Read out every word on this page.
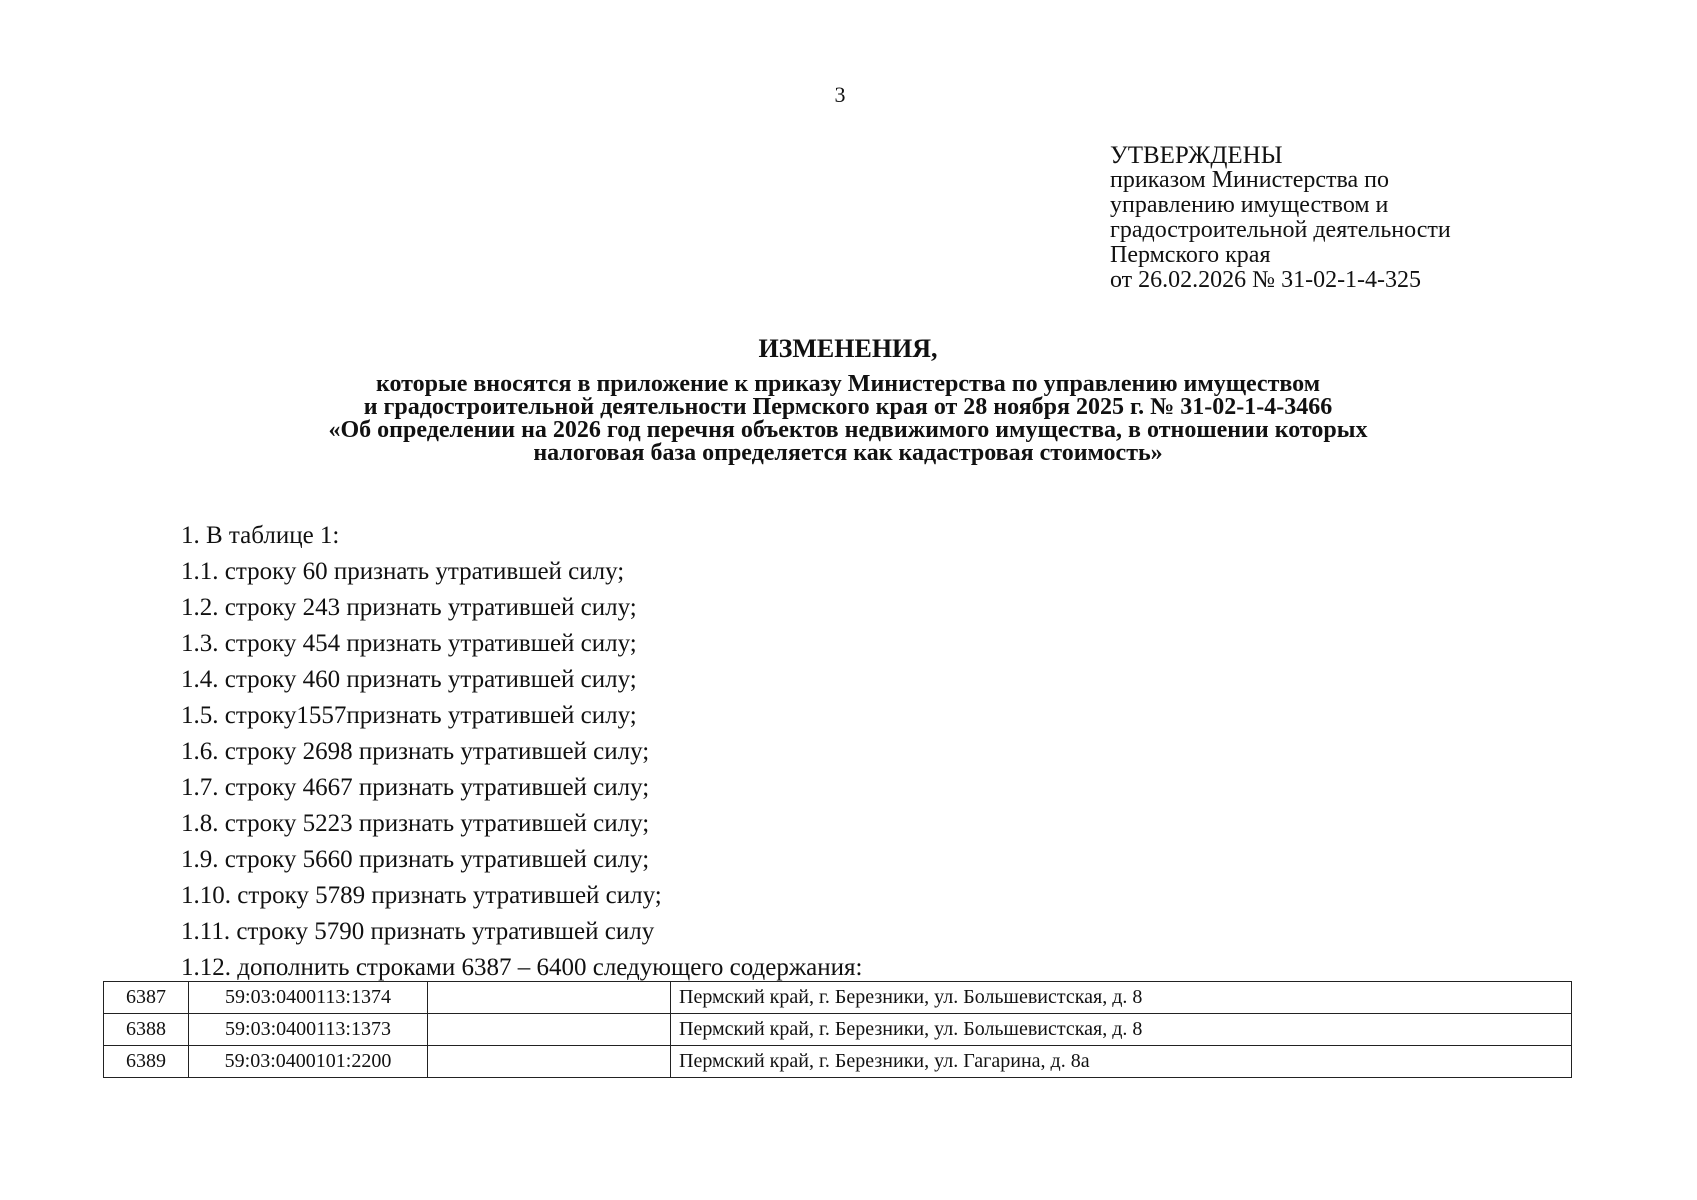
3
УТВЕРЖДЕНЫ
приказом Министерства по
управлению имуществом и
градостроительной деятельности
Пермского края
от 26.02.2026 № 31-02-1-4-325
ИЗМЕНЕНИЯ,
которые вносятся в приложение к приказу Министерства по управлению имуществом
и градостроительной деятельности Пермского края от 28 ноября 2025 г. № 31-02-1-4-3466
«Об определении на 2026 год перечня объектов недвижимого имущества, в отношении которых
налоговая база определяется как кадастровая стоимость»
1. В таблице 1:
1.1. строку 60 признать утратившей силу;
1.2. строку 243 признать утратившей силу;
1.3. строку 454 признать утратившей силу;
1.4. строку 460 признать утратившей силу;
1.5. строку1557признать утратившей силу;
1.6. строку 2698 признать утратившей силу;
1.7. строку 4667 признать утратившей силу;
1.8. строку 5223 признать утратившей силу;
1.9. строку 5660 признать утратившей силу;
1.10. строку 5789 признать утратившей силу;
1.11. строку 5790 признать утратившей силу
1.12. дополнить строками 6387 – 6400 следующего содержания:
6387	59:03:0400113:1374		Пермский край, г. Березники, ул. Большевистская, д. 8
6388	59:03:0400113:1373		Пермский край, г. Березники, ул. Большевистская, д. 8
6389	59:03:0400101:2200		Пермский край, г. Березники, ул. Гагарина, д. 8а
